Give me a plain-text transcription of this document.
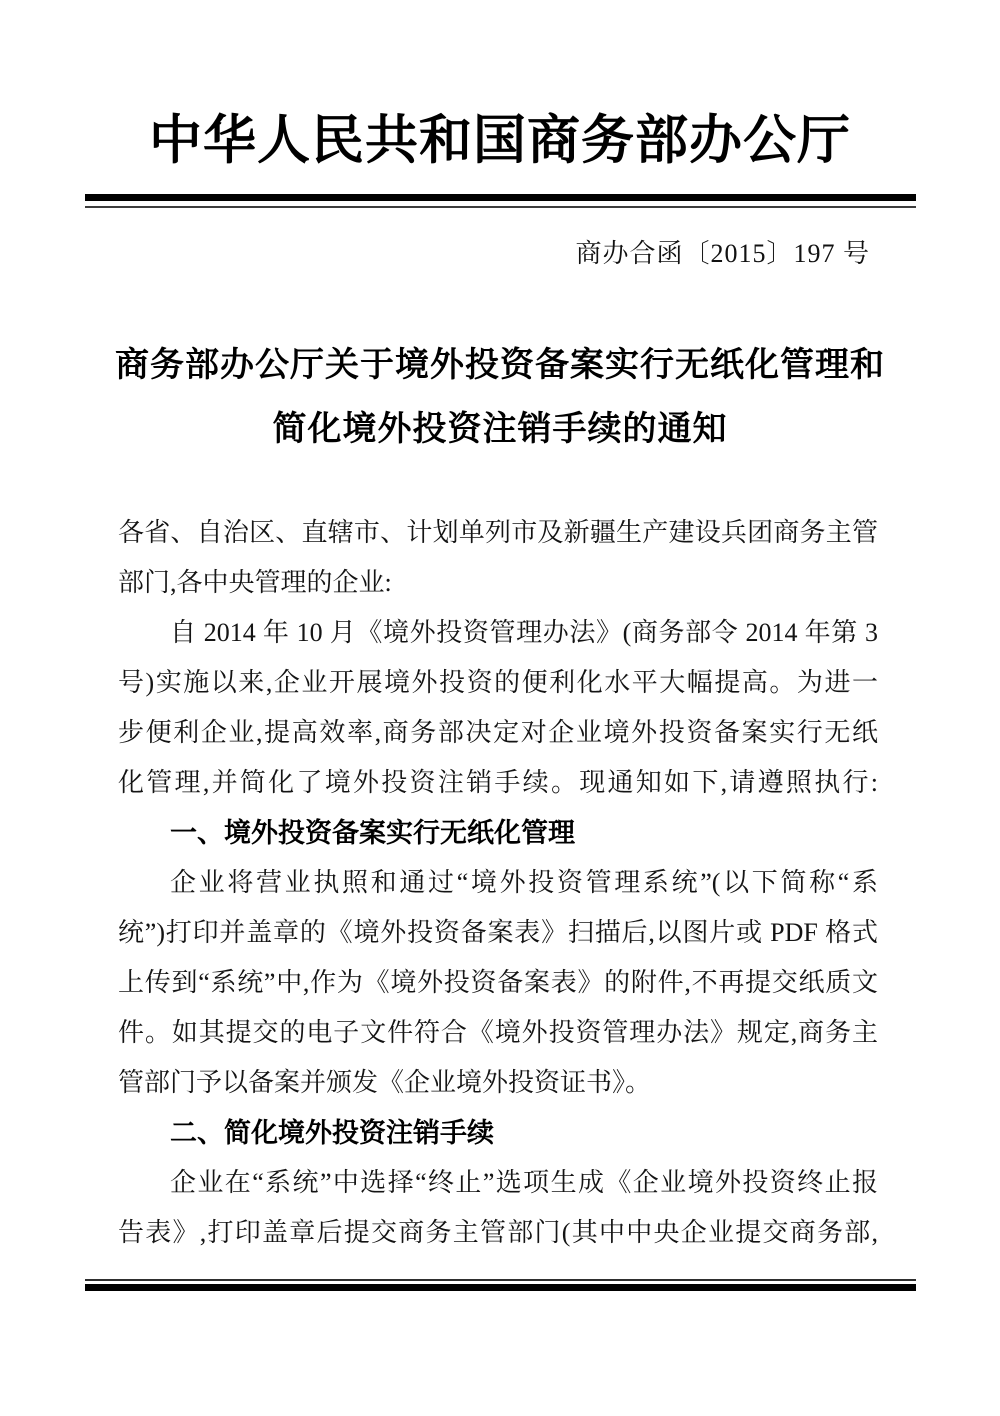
中华人民共和国商务部办公厅
商办合函〔2015〕197 号
商务部办公厅关于境外投资备案实行无纸化管理和
简化境外投资注销手续的通知
各省、自治区、直辖市、计划单列市及新疆生产建设兵团商务主管
部门,各中央管理的企业:
自 2014 年 10 月《境外投资管理办法》(商务部令 2014 年第 3
号)实施以来,企业开展境外投资的便利化水平大幅提高。为进一
步便利企业,提高效率,商务部决定对企业境外投资备案实行无纸
化管理,并简化了境外投资注销手续。现通知如下,请遵照执行:
一、境外投资备案实行无纸化管理
企业将营业执照和通过“境外投资管理系统”(以下简称“系
统”)打印并盖章的《境外投资备案表》扫描后,以图片或 PDF 格式
上传到“系统”中,作为《境外投资备案表》的附件,不再提交纸质文
件。如其提交的电子文件符合《境外投资管理办法》规定,商务主
管部门予以备案并颁发《企业境外投资证书》。
二、简化境外投资注销手续
企业在“系统”中选择“终止”选项生成《企业境外投资终止报
告表》,打印盖章后提交商务主管部门(其中中央企业提交商务部,
